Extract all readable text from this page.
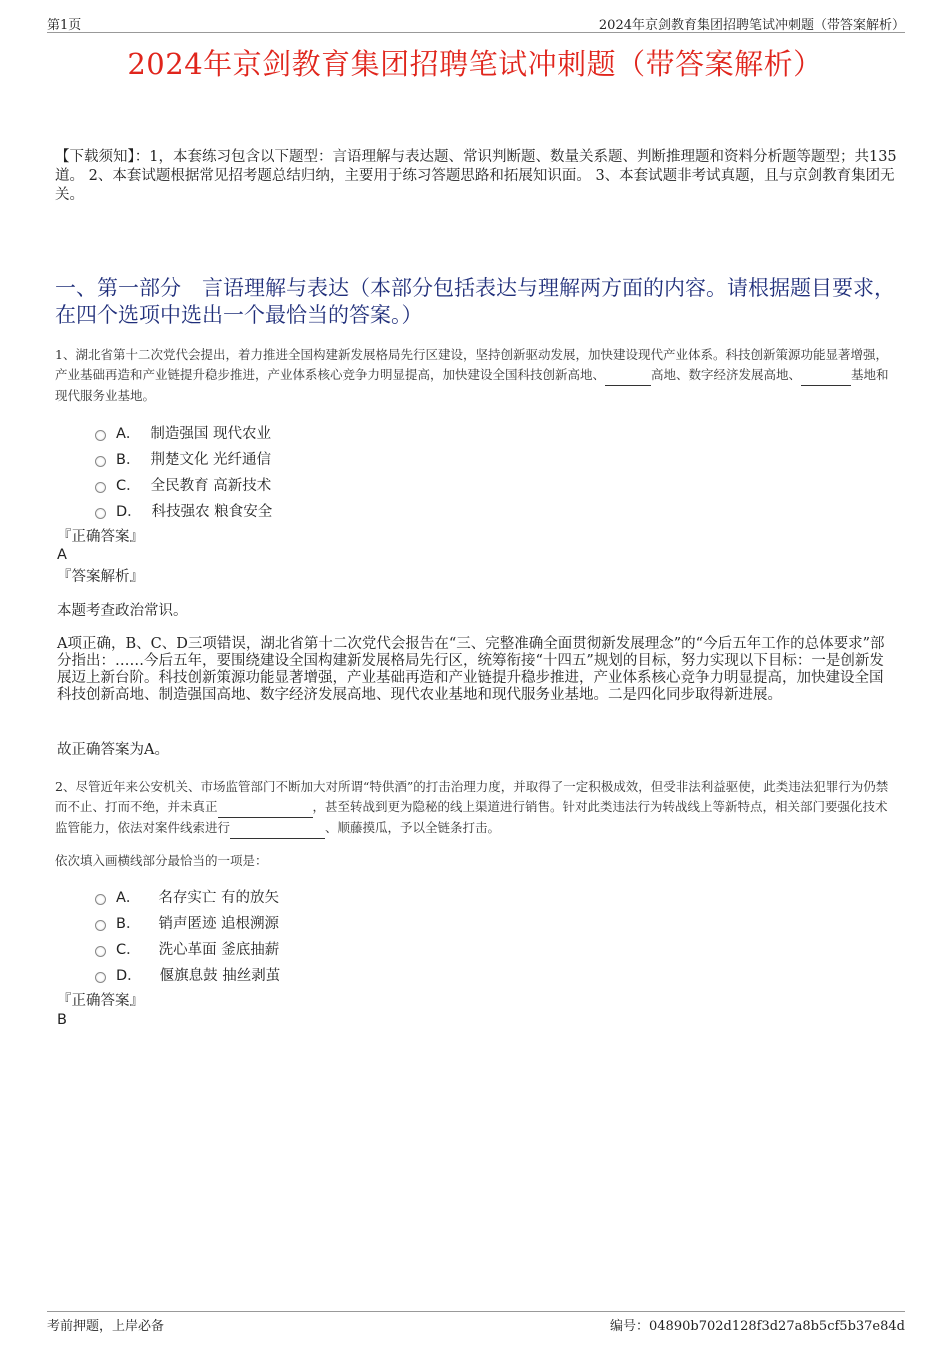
第1页	2024年京剑教育集团招聘笔试冲刺题（带答案解析）
2024年京剑教育集团招聘笔试冲刺题（带答案解析）
【下载须知】：1，本套练习包含以下题型：言语理解与表达题、常识判断题、数量关系题、判断推理题和资料分析题等题型；共135道。 2、本套试题根据常见招考题总结归纳，主要用于练习答题思路和拓展知识面。 3、本套试题非考试真题，且与京剑教育集团无关。
一、第一部分　言语理解与表达（本部分包括表达与理解两方面的内容。请根据题目要求，在四个选项中选出一个最恰当的答案。）
1、湖北省第十二次党代会提出，着力推进全国构建新发展格局先行区建设，坚持创新驱动发展，加快建设现代产业体系。科技创新策源功能显著增强，产业基础再造和产业链提升稳步推进，产业体系核心竞争力明显提高，加快建设全国科技创新高地、	高地、数字经济发展高地、	基地和现代服务业基地。
A． 制造强国 现代农业
B． 荆楚文化 光纤通信
C． 全民教育 高新技术
D． 科技强农 粮食安全
『正确答案』
A
『答案解析』
本题考查政治常识。
A项正确，B、C、D三项错误，湖北省第十二次党代会报告在“三、完整准确全面贯彻新发展理念”的“今后五年工作的总体要求”部分指出：……今后五年，要围绕建设全国构建新发展格局先行区，统筹衔接“十四五”规划的目标，努力实现以下目标：一是创新发展迈上新台阶。科技创新策源功能显著增强，产业基础再造和产业链提升稳步推进，产业体系核心竞争力明显提高，加快建设全国科技创新高地、制造强国高地、数字经济发展高地、现代农业基地和现代服务业基地。二是四化同步取得新进展。
故正确答案为A。
2、尽管近年来公安机关、市场监管部门不断加大对所谓“特供酒”的打击治理力度，并取得了一定积极成效，但受非法利益驱使，此类违法犯罪行为仍禁而不止、打而不绝，并未真正	，甚至转战到更为隐秘的线上渠道进行销售。针对此类违法行为转战线上等新特点，相关部门要强化技术监管能力，依法对案件线索进行	、顺藤摸瓜，予以全链条打击。
依次填入画横线部分最恰当的一项是：
A． 名存实亡 有的放矢
B． 销声匿迹 追根溯源
C． 洗心革面 釜底抽薪
D． 偃旗息鼓 抽丝剥茧
『正确答案』
B
考前押题，上岸必备	编号：04890b702d128f3d27a8b5cf5b37e84d
